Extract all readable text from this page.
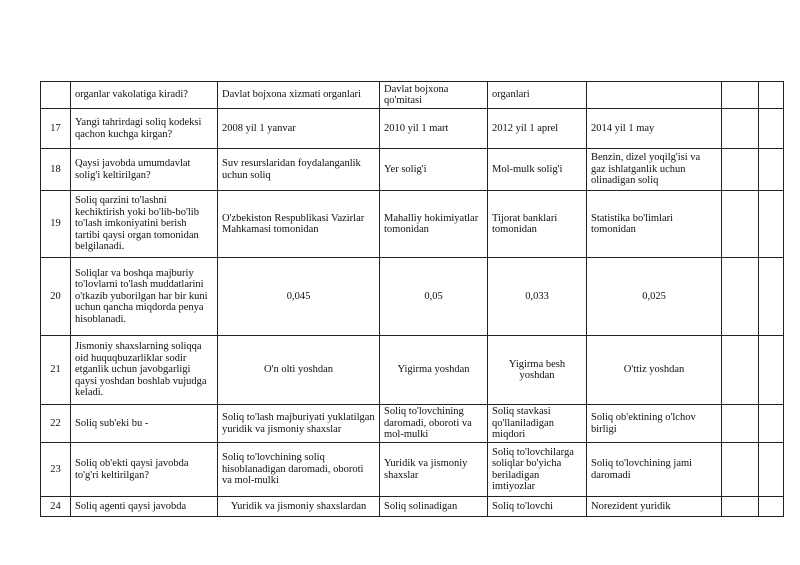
	organlar vakolatiga kiradi?	Davlat bojxona xizmati organlari	Davlat bojxona qo'mitasi	organlari			
17	Yangi tahrirdagi soliq kodeksi qachon kuchga kirgan?	2008 yil 1 yanvar	2010 yil 1 mart	2012 yil 1 aprel	2014 yil 1 may		
18	Qaysi javobda umumdavlat solig'i keltirilgan?	Suv resurslaridan foydalanganlik uchun soliq	Yer solig'i	Mol-mulk solig'i	Benzin, dizel yoqilg'isi va gaz ishlatganlik uchun olinadigan soliq		
19	Soliq qarzini to'lashni kechiktirish yoki bo'lib-bo'lib to'lash imkoniyatini berish tartibi qaysi organ tomonidan belgilanadi.	O'zbekiston Respublikasi Vazirlar Mahkamasi tomonidan	Mahalliy hokimiyatlar tomonidan	Tijorat banklari tomonidan	Statistika bo'limlari tomonidan		
20	Soliqlar va boshqa majburiy to'lovlarni to'lash muddatlarini o'tkazib yuborilgan har bir kuni uchun qancha miqdorda penya hisoblanadi.	0,045	0,05	0,033	0,025		
21	Jismoniy shaxslarning soliqqa oid huquqbuzarliklar sodir etganlik uchun javobgarligi qaysi yoshdan boshlab vujudga keladi.	O'n olti yoshdan	Yigirma yoshdan	Yigirma besh yoshdan	O'ttiz yoshdan		
22	Soliq sub'eki bu -	Soliq to'lash majburiyati yuklatilgan yuridik va jismoniy shaxslar	Soliq to'lovchining daromadi, oboroti va mol-mulki	Soliq stavkasi qo'llaniladigan miqdori	Soliq ob'ektining o'lchov birligi		
23	Soliq ob'ekti qaysi javobda to'g'ri keltirilgan?	Soliq to'lovchining soliq hisoblanadigan daromadi, oboroti va mol-mulki	Yuridik va jismoniy shaxslar	Soliq to'lovchilarga soliqlar bo'yicha beriladigan imtiyozlar	Soliq to'lovchining jami daromadi		
24	Soliq agenti qaysi javobda	Yuridik va jismoniy shaxslardan	Soliq solinadigan	Soliq to'lovchi	Norezident yuridik		
